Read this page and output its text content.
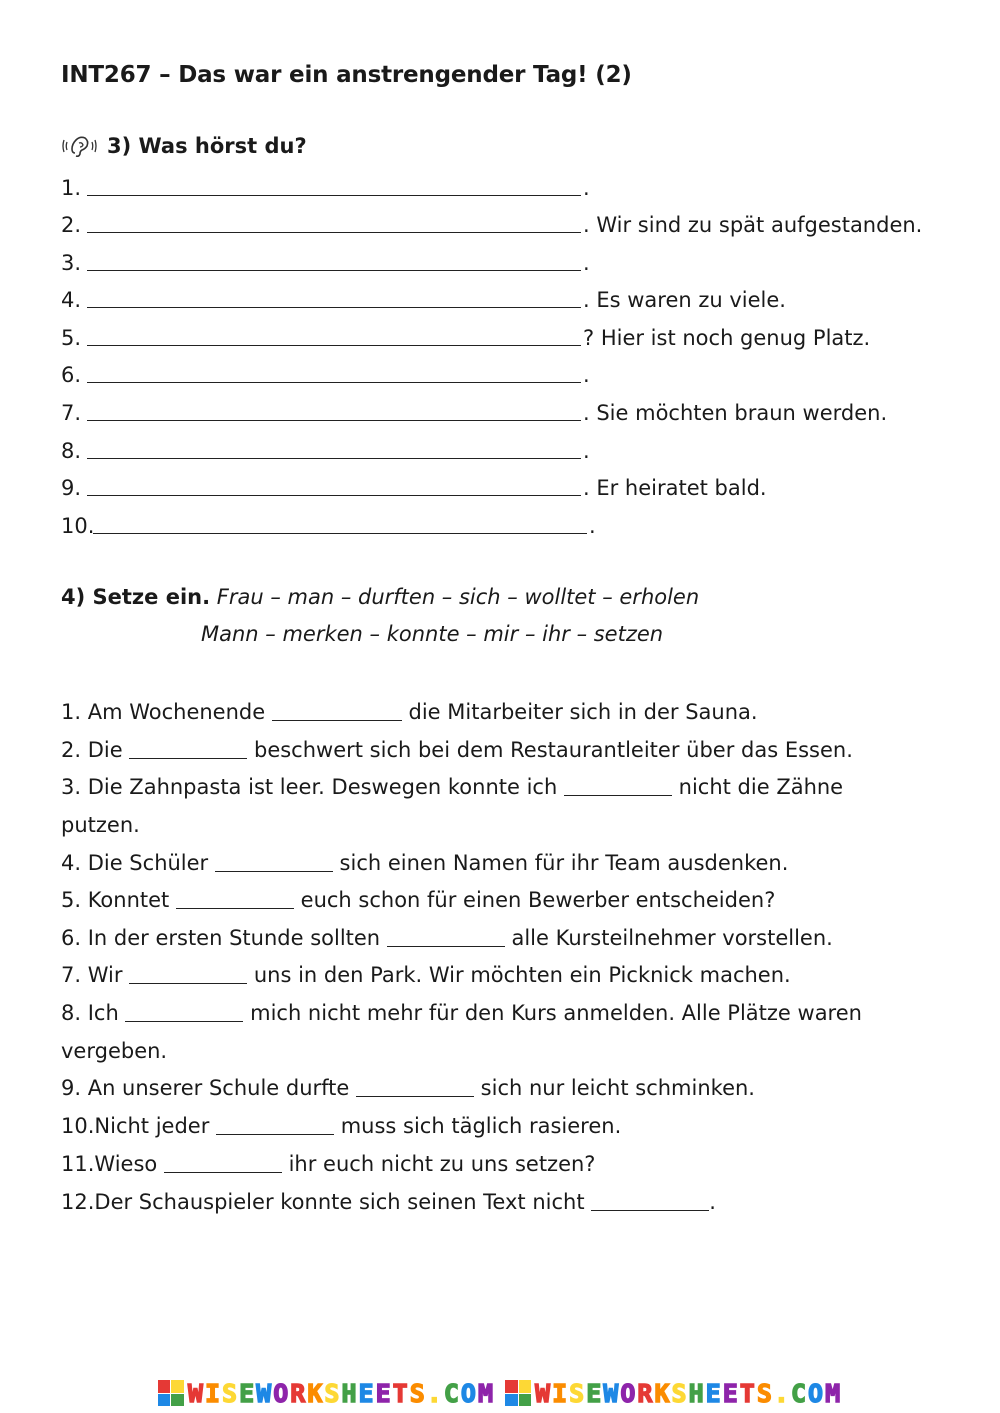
INT267 – Das war ein anstrengender Tag! (2)
3) Was hörst du?
1.	.
2.	. Wir sind zu spät aufgestanden.
3.	.
4.	. Es waren zu viele.
5.	? Hier ist noch genug Platz.
6.	.
7.	. Sie möchten braun werden.
8.	.
9.	. Er heiratet bald.
10.	.
4) Setze ein. Frau – man – durften – sich – wolltet – erholen
Mann – merken – konnte – mir – ihr – setzen
1. Am Wochenende	die Mitarbeiter sich in der Sauna.
2. Die	beschwert sich bei dem Restaurantleiter über das Essen.
3. Die Zahnpasta ist leer. Deswegen konnte ich	nicht die Zähne
putzen.
4. Die Schüler	sich einen Namen für ihr Team ausdenken.
5. Konntet	euch schon für einen Bewerber entscheiden?
6. In der ersten Stunde sollten	alle Kursteilnehmer vorstellen.
7. Wir	uns in den Park. Wir möchten ein Picknick machen.
8. Ich	mich nicht mehr für den Kurs anmelden. Alle Plätze waren
vergeben.
9. An unserer Schule durfte	sich nur leicht schminken.
10.Nicht jeder	muss sich täglich rasieren.
11.Wieso	ihr euch nicht zu uns setzen?
12.Der Schauspieler konnte sich seinen Text nicht	.
W I S E W O R K S H E E T S . C O M W I S E W O R K S H E E T S . C O M
